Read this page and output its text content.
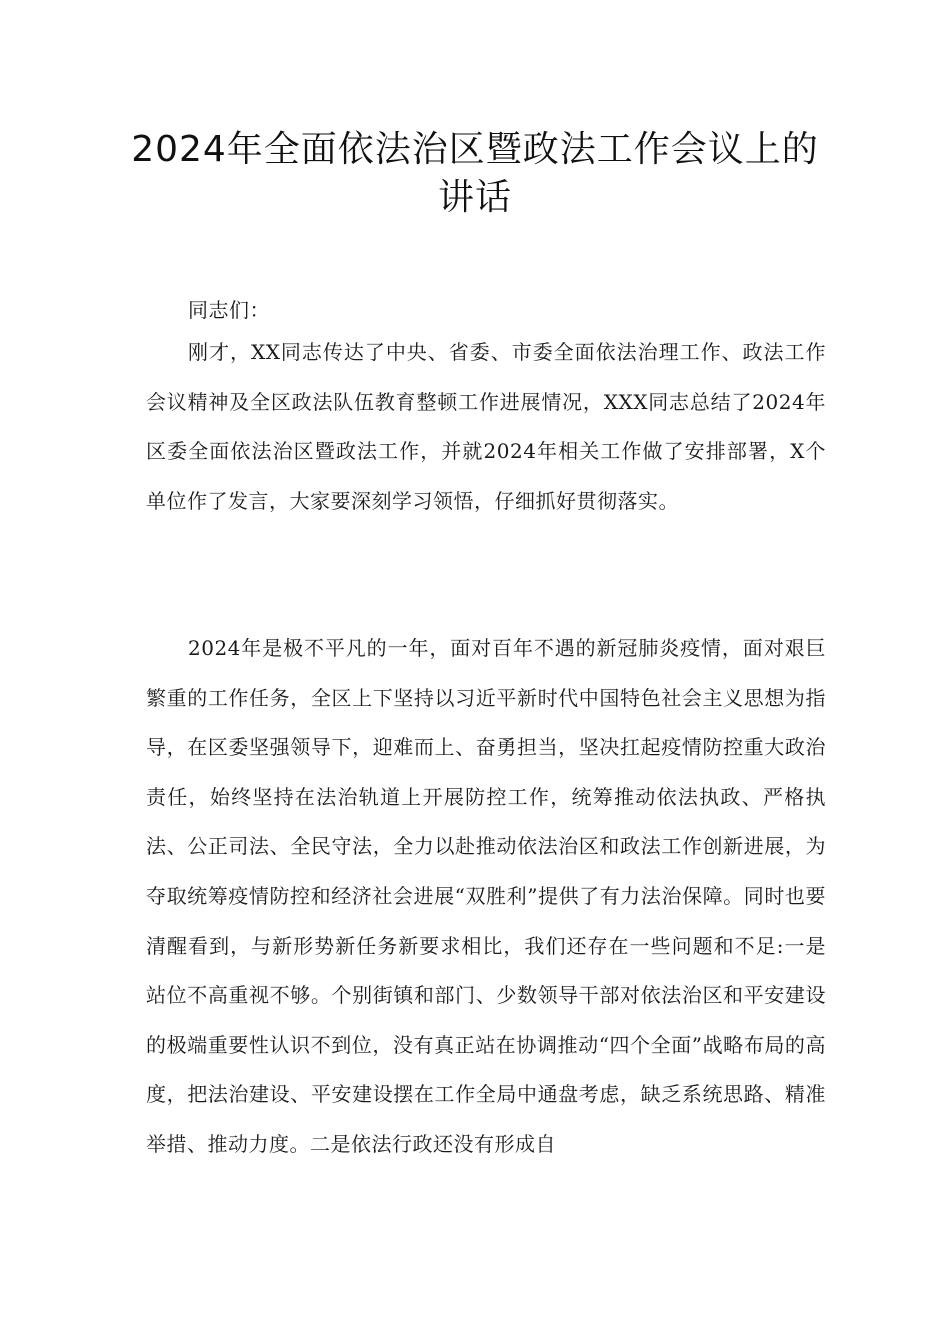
2024年全面依法治区暨政法工作会议上的讲话
同志们：
刚才，XX同志传达了中央、省委、市委全面依法治理工作、政法工作会议精神及全区政法队伍教育整顿工作进展情况，XXX同志总结了2024年区委全面依法治区暨政法工作，并就2024年相关工作做了安排部署，X个单位作了发言，大家要深刻学习领悟，仔细抓好贯彻落实。
2024年是极不平凡的一年，面对百年不遇的新冠肺炎疫情，面对艰巨繁重的工作任务，全区上下坚持以习近平新时代中国特色社会主义思想为指导，在区委坚强领导下，迎难而上、奋勇担当，坚决扛起疫情防控重大政治责任，始终坚持在法治轨道上开展防控工作，统筹推动依法执政、严格执法、公正司法、全民守法，全力以赴推动依法治区和政法工作创新进展，为夺取统筹疫情防控和经济社会进展“双胜利”提供了有力法治保障。同时也要清醒看到，与新形势新任务新要求相比，我们还存在一些问题和不足:一是站位不高重视不够。个别街镇和部门、少数领导干部对依法治区和平安建设的极端重要性认识不到位，没有真正站在协调推动“四个全面”战略布局的高度，把法治建设、平安建设摆在工作全局中通盘考虑，缺乏系统思路、精准举措、推动力度。二是依法行政还没有形成自
